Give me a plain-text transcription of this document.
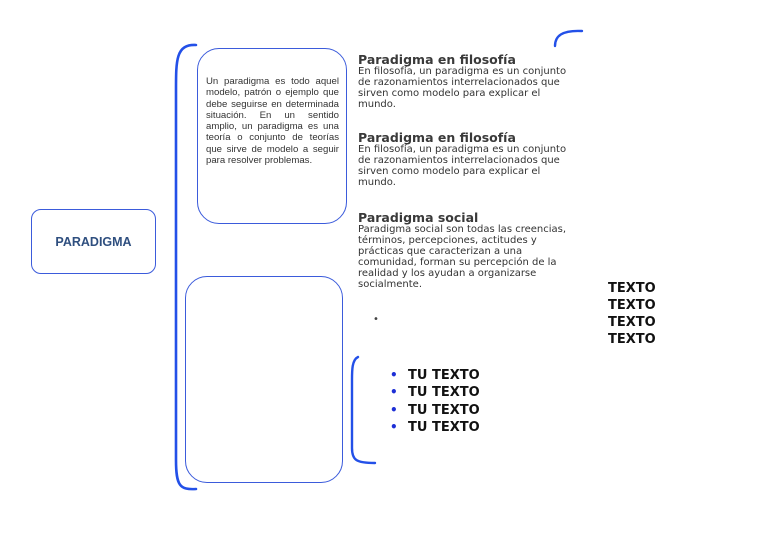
PARADIGMA
Un paradigma es todo aquel modelo, patrón o ejemplo que debe seguirse en determinada situación. En un sentido amplio, un paradigma es una teoría o conjunto de teorías que sirve de modelo a seguir para resolver problemas.
Paradigma en filosofía
En filosofía, un paradigma es un conjunto
de razonamientos interrelacionados que
sirven como modelo para explicar el
mundo.
Paradigma en filosofía
En filosofía, un paradigma es un conjunto
de razonamientos interrelacionados que
sirven como modelo para explicar el
mundo.
Paradigma social
Paradigma social son todas las creencias,
términos, percepciones, actitudes y
prácticas que caracterizan a una
comunidad, forman su percepción de la
realidad y los ayudan a organizarse
socialmente.
•
TEXTO
TEXTO
TEXTO
TEXTO
• TU TEXTO
• TU TEXTO
• TU TEXTO
• TU TEXTO
